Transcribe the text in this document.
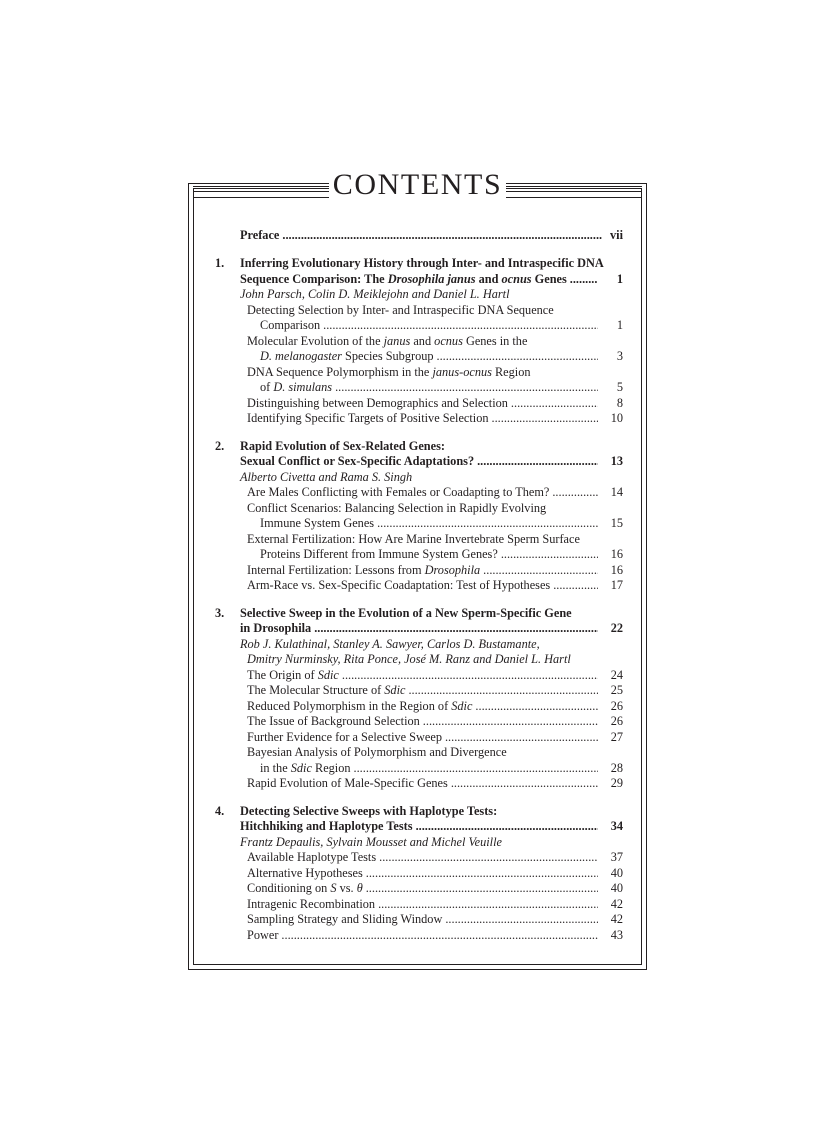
CONTENTS
Preface .....	vii
1.	Inferring Evolutionary History through Inter- and Intraspecific DNA
Sequence Comparison: The Drosophila janus and ocnus Genes .....	1
John Parsch, Colin D. Meiklejohn and Daniel L. Hartl
Detecting Selection by Inter- and Intraspecific DNA Sequence
Comparison .....	1
Molecular Evolution of the janus and ocnus Genes in the
D. melanogaster Species Subgroup .....	3
DNA Sequence Polymorphism in the janus-ocnus Region
of D. simulans .....	5
Distinguishing between Demographics and Selection .....	8
Identifying Specific Targets of Positive Selection .....	10
2.	Rapid Evolution of Sex-Related Genes:
Sexual Conflict or Sex-Specific Adaptations? .....	13
Alberto Civetta and Rama S. Singh
Are Males Conflicting with Females or Coadapting to Them? .....	14
Conflict Scenarios: Balancing Selection in Rapidly Evolving
Immune System Genes .....	15
External Fertilization: How Are Marine Invertebrate Sperm Surface
Proteins Different from Immune System Genes? .....	16
Internal Fertilization: Lessons from Drosophila .....	16
Arm-Race vs. Sex-Specific Coadaptation: Test of Hypotheses .....	17
3.	Selective Sweep in the Evolution of a New Sperm-Specific Gene
in Drosophila .....	22
Rob J. Kulathinal, Stanley A. Sawyer, Carlos D. Bustamante,
Dmitry Nurminsky, Rita Ponce, José M. Ranz and Daniel L. Hartl
The Origin of Sdic .....	24
The Molecular Structure of Sdic .....	25
Reduced Polymorphism in the Region of Sdic .....	26
The Issue of Background Selection .....	26
Further Evidence for a Selective Sweep .....	27
Bayesian Analysis of Polymorphism and Divergence
in the Sdic Region .....	28
Rapid Evolution of Male-Specific Genes .....	29
4.	Detecting Selective Sweeps with Haplotype Tests:
Hitchhiking and Haplotype Tests .....	34
Frantz Depaulis, Sylvain Mousset and Michel Veuille
Available Haplotype Tests .....	37
Alternative Hypotheses .....	40
Conditioning on S vs. θ .....	40
Intragenic Recombination .....	42
Sampling Strategy and Sliding Window .....	42
Power .....	43
